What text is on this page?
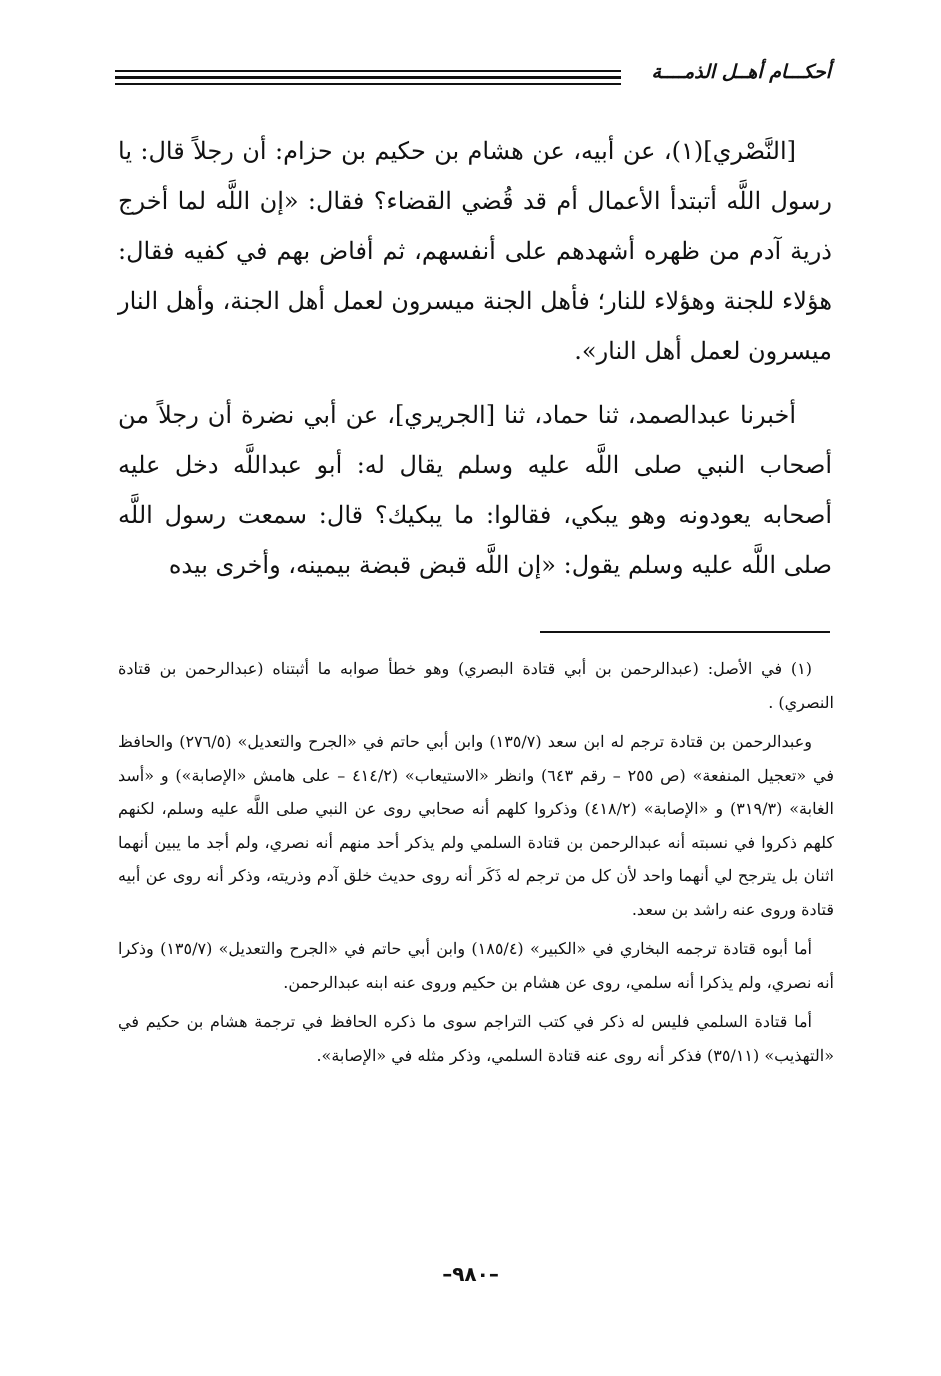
أحكـــام أهــل الذمــــة

[النَّصْري](١)، عن أبيه، عن هشام بن حكيم بن حزام: أن رجلاً قال: يا رسول اللَّه أتبتدأ الأعمال أم قد قُضي القضاء؟ فقال: «إن اللَّه لما أخرج ذرية آدم من ظهره أشهدهم على أنفسهم، ثم أفاض بهم في كفيه فقال: هؤلاء للجنة وهؤلاء للنار؛ فأهل الجنة ميسرون لعمل أهل الجنة، وأهل النار ميسرون لعمل أهل النار».

أخبرنا عبدالصمد، ثنا حماد، ثنا [الجريري]، عن أبي نضرة أن رجلاً من أصحاب النبي صلى اللَّه عليه وسلم يقال له: أبو عبداللَّه دخل عليه أصحابه يعودونه وهو يبكي، فقالوا: ما يبكيك؟ قال: سمعت رسول اللَّه صلى اللَّه عليه وسلم يقول: «إن اللَّه قبض قبضة بيمينه، وأخرى بيده

(١) في الأصل: (عبدالرحمن بن أبي قتادة البصري) وهو خطأ صوابه ما أثبتناه (عبدالرحمن بن قتادة النصري) .

وعبدالرحمن بن قتادة ترجم له ابن سعد (١٣٥/٧) وابن أبي حاتم في «الجرح والتعديل» (٢٧٦/٥) والحافظ في «تعجيل المنفعة» (ص ٢٥٥ – رقم ٦٤٣) وانظر «الاستيعاب» (٤١٤/٢ – على هامش «الإصابة») و «أسد الغابة» (٣١٩/٣) و «الإصابة» (٤١٨/٢) وذكروا كلهم أنه صحابي روى عن النبي صلى اللَّه عليه وسلم، لكنهم كلهم ذكروا في نسبته أنه عبدالرحمن بن قتادة السلمي ولم يذكر أحد منهم أنه نصري، ولم أجد ما يبين أنهما اثنان بل يترجح لي أنهما واحد لأن كل من ترجم له ذَكَر أنه روى حديث خلق آدم وذريته، وذكر أنه روى عن أبيه قتادة وروى عنه راشد بن سعد.

أما أبوه قتادة ترجمه البخاري في «الكبير» (١٨٥/٤) وابن أبي حاتم في «الجرح والتعديل» (١٣٥/٧) وذكرا أنه نصري، ولم يذكرا أنه سلمي، روى عن هشام بن حكيم وروى عنه ابنه عبدالرحمن.

أما قتادة السلمي فليس له ذكر في كتب التراجم سوى ما ذكره الحافظ في ترجمة هشام بن حكيم في «التهذيب» (٣٥/١١) فذكر أنه روى عنه قتادة السلمي، وذكر مثله في «الإصابة».

–٩٨٠–
